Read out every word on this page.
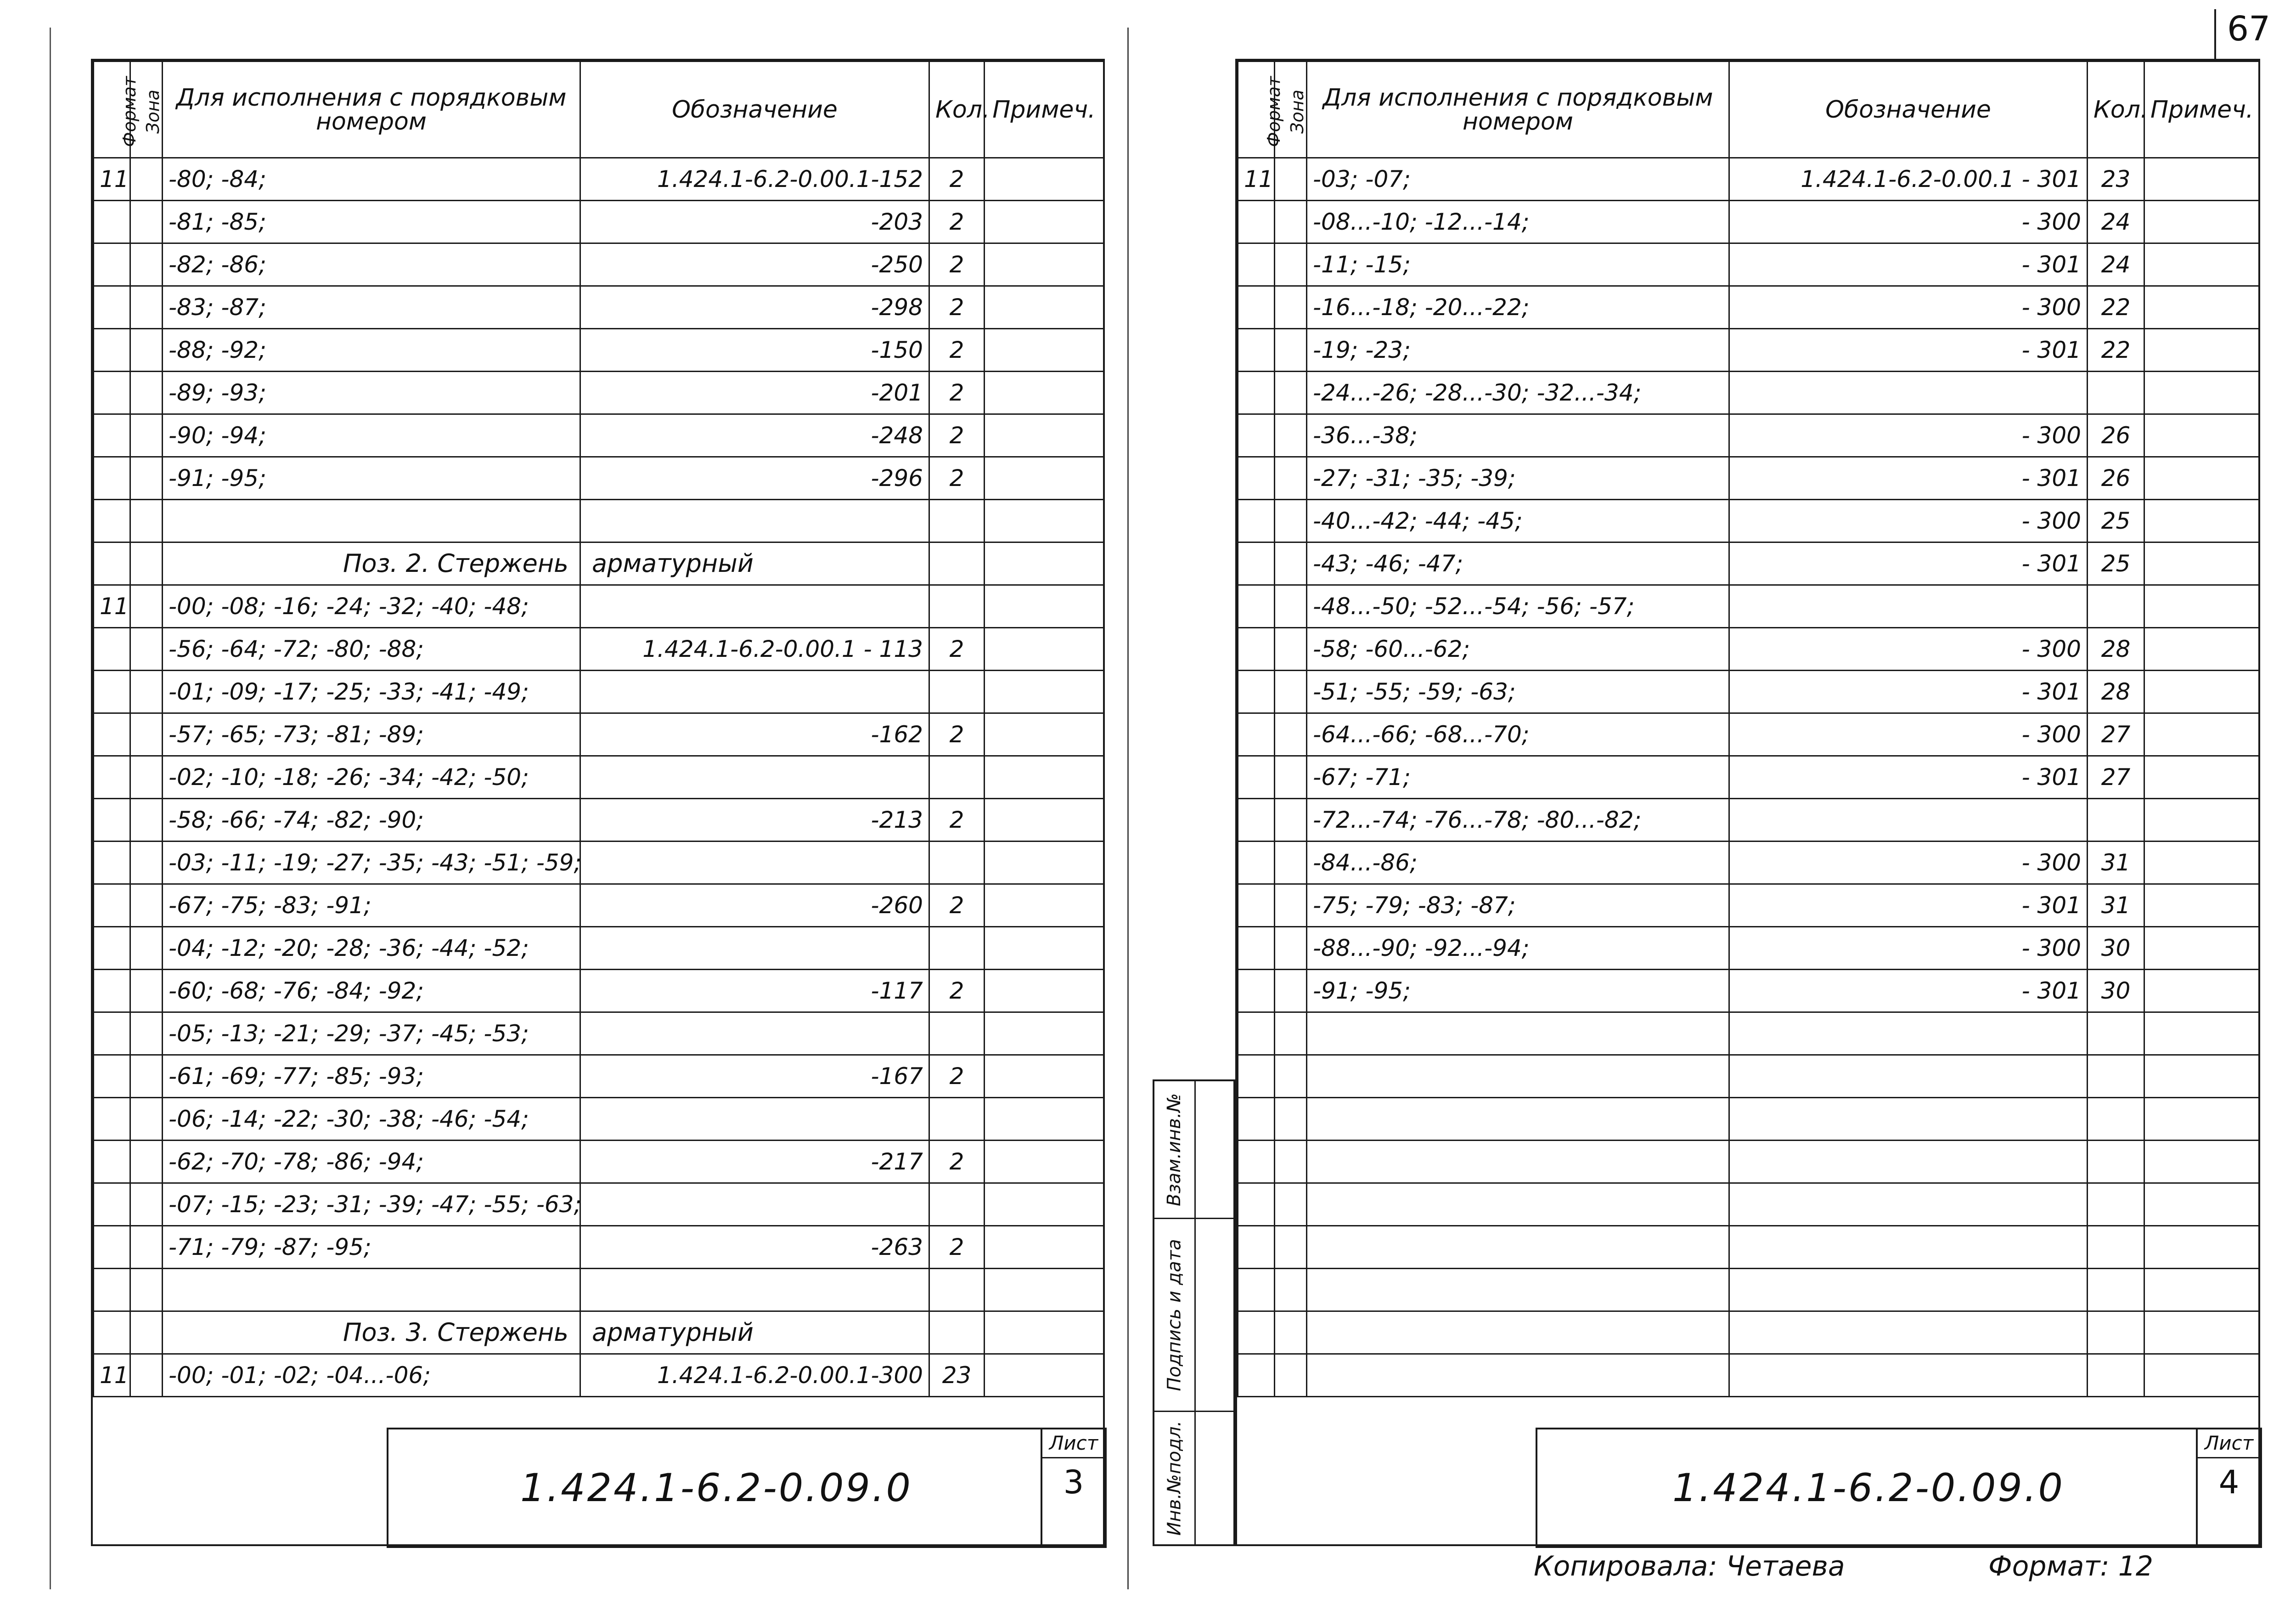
67
Формат	Зона	Для исполнения с порядковым номером	Обозначение	Кол.	Примеч.
11		-80; -84;	1.424.1-6.2-0.00.1-152	2	
		-81; -85;	-203	2	
		-82; -86;	-250	2	
		-83; -87;	-298	2	
		-88; -92;	-150	2	
		-89; -93;	-201	2	
		-90; -94;	-248	2	
		-91; -95;	-296	2	

		Поз. 2. Стержень	арматурный		
11		-00; -08; -16; -24; -32; -40; -48;			
		-56; -64; -72; -80; -88;	1.424.1-6.2-0.00.1 - 113	2	
		-01; -09; -17; -25; -33; -41; -49;			
		-57; -65; -73; -81; -89;	-162	2	
		-02; -10; -18; -26; -34; -42; -50;			
		-58; -66; -74; -82; -90;	-213	2	
		-03; -11; -19; -27; -35; -43; -51; -59;			
		-67; -75; -83; -91;	-260	2	
		-04; -12; -20; -28; -36; -44; -52;			
		-60; -68; -76; -84; -92;	-117	2	
		-05; -13; -21; -29; -37; -45; -53;			
		-61; -69; -77; -85; -93;	-167	2	
		-06; -14; -22; -30; -38; -46; -54;			
		-62; -70; -78; -86; -94;	-217	2	
		-07; -15; -23; -31; -39; -47; -55; -63;			
		-71; -79; -87; -95;	-263	2	

		Поз. 3. Стержень	арматурный		
11		-00; -01; -02; -04...-06;	1.424.1-6.2-0.00.1-300	23	
1.424.1-6.2-0.09.0
Лист
3
Взам.инв.№
Подпись и дата
Инв.№подл.
Формат	Зона	Для исполнения с порядковым номером	Обозначение	Кол.	Примеч.
11		-03; -07;	1.424.1-6.2-0.00.1 - 301	23	
		-08...-10; -12...-14;	- 300	24	
		-11; -15;	- 301	24	
		-16...-18; -20...-22;	- 300	22	
		-19; -23;	- 301	22	
		-24...-26; -28...-30; -32...-34;			
		-36...-38;	- 300	26	
		-27; -31; -35; -39;	- 301	26	
		-40...-42; -44; -45;	- 300	25	
		-43; -46; -47;	- 301	25	
		-48...-50; -52...-54; -56; -57;			
		-58; -60...-62;	- 300	28	
		-51; -55; -59; -63;	- 301	28	
		-64...-66; -68...-70;	- 300	27	
		-67; -71;	- 301	27	
		-72...-74; -76...-78; -80...-82;			
		-84...-86;	- 300	31	
		-75; -79; -83; -87;	- 301	31	
		-88...-90; -92...-94;	- 300	30	
		-91; -95;	- 301	30	

1.424.1-6.2-0.09.0
Лист
4
Копировала: Четаева	Формат: 12
